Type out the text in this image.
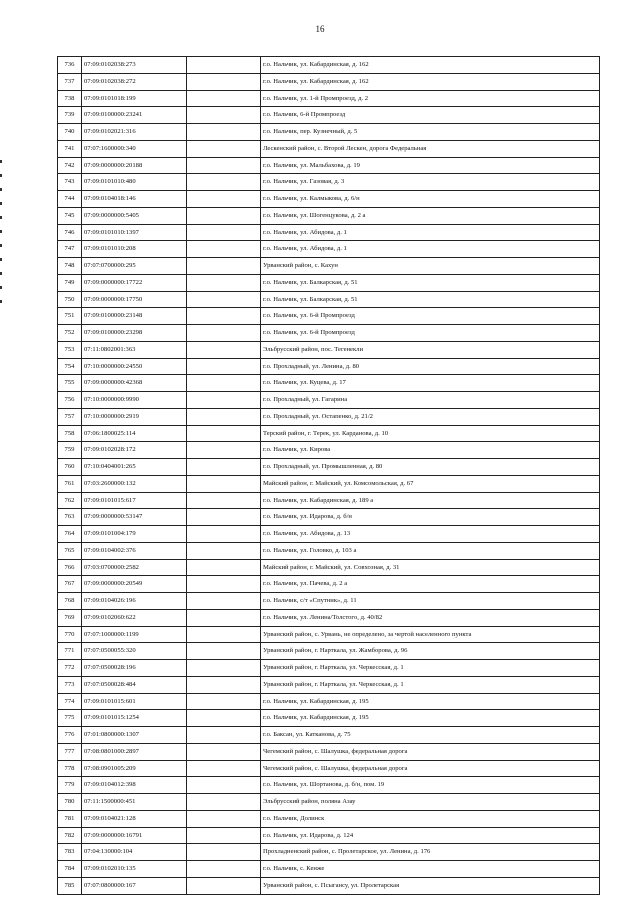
16
736	07:09:0102038:273		г.о. Нальчик, ул. Кабардинская, д. 162
737	07:09:0102038:272		г.о. Нальчик, ул. Кабардинская, д. 162
738	07:09:0101018:199		г.о. Нальчик, ул. 1-й Промпроезд, д. 2
739	07:09:0100000:23241		г.о. Нальчик, 6-й Промпроезд
740	07:09:0102021:316		г.о. Нальчик, пер. Кузнечный, д. 5
741	07:07:1600000:340		Лескенский район, с. Второй Лескен, дорога Федеральная
742	07:09:0000000:20188		г.о. Нальчик, ул. Мальбахова, д. 19
743	07:09:0101010:480		г.о. Нальчик, ул. Газовая, д. 3
744	07:09:0104018:146		г.о. Нальчик, ул. Калмыкова, д. 6/н
745	07:09:0000000:5405		г.о. Нальчик, ул. Шогенцукова, д. 2 а
746	07:09:0101010:1397		г.о. Нальчик, ул. Абидова, д. 1
747	07:09:0101010:208		г.о. Нальчик, ул. Абидова, д. 1
748	07:07:0700000:295		Урванский район, с. Кахун
749	07:09:0000000:17722		г.о. Нальчик, ул. Балкарская, д. 51
750	07:09:0000000:17750		г.о. Нальчик, ул. Балкарская, д. 51
751	07:09:0100000:23148		г.о. Нальчик, ул. 6-й Промпроезд
752	07:09:0100000:23298		г.о. Нальчик, ул. 6-й Промпроезд
753	07:11:0802001:363		Эльбрусский район, пос. Тегенекли
754	07:10:0000000:24550		г.о. Прохладный, ул. Ленина, д. 80
755	07:09:0000000:42368		г.о. Нальчик, ул. Куцева, д. 17
756	07:10:0000000:9990		г.о. Прохладный, ул. Гагарина
757	07:10:0000000:2919		г.о. Прохладный, ул. Остапенко, д. 21/2
758	07:06:1800025:114		Терский район, г. Терек, ул. Карданова, д. 10
759	07:09:0102028:172		г.о. Нальчик, ул. Кирова
760	07:10:0404001:265		г.о. Прохладный, ул. Промышленная, д. 80
761	07:03:2600000:132		Майский район, г. Майский, ул. Комсомольская, д. 67
762	07:09:0101015:617		г.о. Нальчик, ул. Кабардинская, д. 189 а
763	07:09:0000000:53147		г.о. Нальчик, ул. Идарова, д. б/н
764	07:09:0101004:179		г.о. Нальчик, ул. Абидова, д. 13
765	07:09:0104002:376		г.о. Нальчик, ул. Головко, д. 103 а
766	07:03:0700000:2582		Майский район, г. Майский, ул. Совхозная, д. 31
767	07:09:0000000:20549		г.о. Нальчик, ул. Пачева, д. 2 а
768	07:09:0104026:196		г.о. Нальчик, с/т «Спутник», д. 11
769	07:09:0102060:622		г.о. Нальчик, ул. Ленина/Толстого, д. 40/82
770	07:07:1000000:1199		Урванский район, с. Урвань, не определено, за чертой населенного пункта
771	07:07:0500055:320		Урванский район, г. Нарткала, ул. Жамборова, д. 96
772	07:07:0500028:196		Урванский район, г. Нарткала, ул. Черкесская, д. 1
773	07:07:0500028:484		Урванский район, г. Нарткала, ул. Черкесская, д. 1
774	07:09:0101015:601		г.о. Нальчик, ул. Кабардинская, д. 195
775	07:09:0101015:1254		г.о. Нальчик, ул. Кабардинская, д. 195
776	07:01:0800000:1307		г.о. Баксан, ул. Катканова, д. 75
777	07:08:0801000:2897		Чегемский район, с. Шалушка, федеральная дорога
778	07:08:0901005:209		Чегемский район, с. Шалушка, федеральная дорога
779	07:09:0104012:398		г.о. Нальчик, ул. Шортанова, д. б/н, пом. 19
780	07:11:1500000:451		Эльбрусский район, поляна Азау
781	07:09:0104021:128		г.о. Нальчик, Долинск
782	07:09:0000000:16791		г.о. Нальчик, ул. Идарова, д. 124
783	07:04:130000:104		Прохладненский район, с. Пролетарское, ул. Ленина, д. 176
784	07:09:0102010:135		г.о. Нальчик, с. Кенже
785	07:07:0800000:167		Урванский район, с. Псыгансу, ул. Пролетарская
